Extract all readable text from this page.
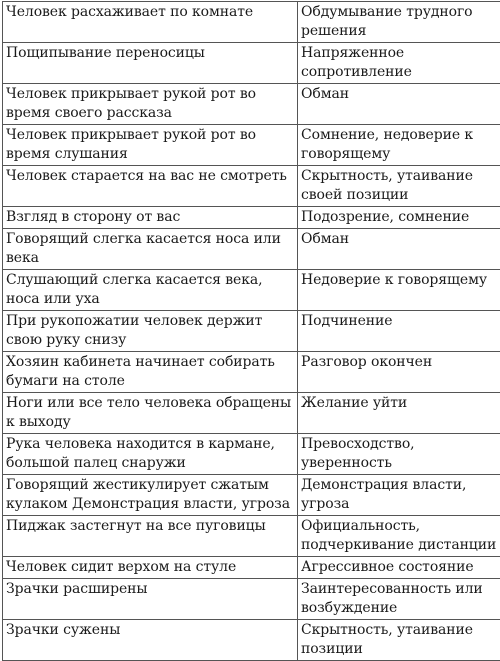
Человек расхаживает по комнате	Обдумывание трудного решения
Пощипывание переносицы	Напряженное сопротивление
Человек прикрывает рукой рот во время своего рассказа	Обман
Человек прикрывает рукой рот во время слушания	Сомнение, недоверие к говорящему
Человек старается на вас не смотреть	Скрытность, утаивание своей позиции
Взгляд в сторону от вас	Подозрение, сомнение
Говорящий слегка касается носа или века	Обман
Слушающий слегка касается века, носа или уха	Недоверие к говорящему
При рукопожатии человек держит свою руку снизу	Подчинение
Хозяин кабинета начинает собирать бумаги на столе	Разговор окончен
Ноги или все тело человека обращены к выходу	Желание уйти
Рука человека находится в кармане, большой палец снаружи	Превосходство, уверенность
Говорящий жестикулирует сжатым кулаком Демонстрация власти, угроза	Демонстрация власти, угроза
Пиджак застегнут на все пуговицы	Официальность, подчеркивание дистанции
Человек сидит верхом на стуле	Агрессивное состояние
Зрачки расширены	Заинтересованность или возбуждение
Зрачки сужены	Скрытность, утаивание позиции
